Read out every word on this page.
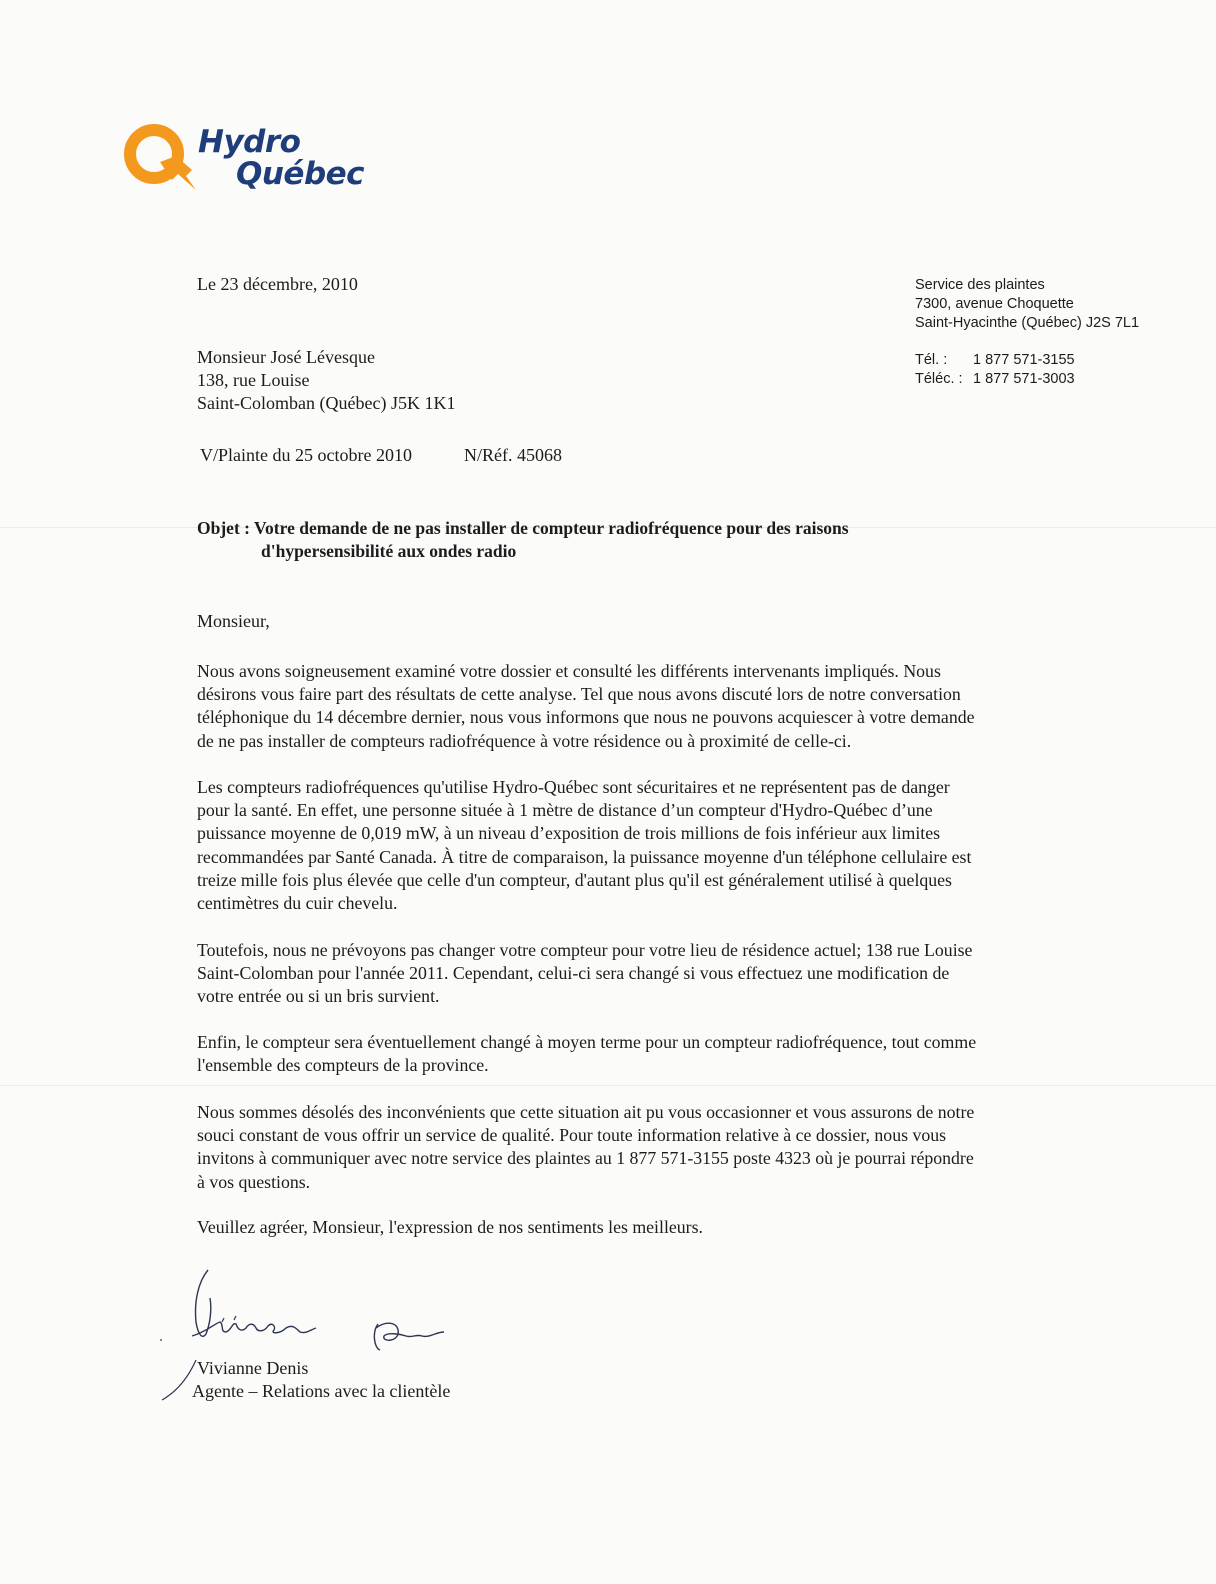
Hydro
Québec
Le 23 décembre, 2010	Service des plaintes
7300, avenue Choquette
Saint-Hyacinthe (Québec) J2S 7L1
Tél. :	1 877 571-3155
Téléc. : 1 877 571-3003
Monsieur José Lévesque
138, rue Louise
Saint-Colomban (Québec) J5K 1K1
V/Plainte du 25 octobre 2010	N/Réf. 45068
Objet : Votre demande de ne pas installer de compteur radiofréquence pour des raisons
d'hypersensibilité aux ondes radio
Monsieur,
Nous avons soigneusement examiné votre dossier et consulté les différents intervenants impliqués. Nous
désirons vous faire part des résultats de cette analyse. Tel que nous avons discuté lors de notre conversation
téléphonique du 14 décembre dernier, nous vous informons que nous ne pouvons acquiescer à votre demande
de ne pas installer de compteurs radiofréquence à votre résidence ou à proximité de celle-ci.
Les compteurs radiofréquences qu'utilise Hydro-Québec sont sécuritaires et ne représentent pas de danger
pour la santé. En effet, une personne située à 1 mètre de distance d’un compteur d'Hydro-Québec d’une
puissance moyenne de 0,019 mW, à un niveau d’exposition de trois millions de fois inférieur aux limites
recommandées par Santé Canada. À titre de comparaison, la puissance moyenne d'un téléphone cellulaire est
treize mille fois plus élevée que celle d'un compteur, d'autant plus qu'il est généralement utilisé à quelques
centimètres du cuir chevelu.
Toutefois, nous ne prévoyons pas changer votre compteur pour votre lieu de résidence actuel; 138 rue Louise
Saint-Colomban pour l'année 2011. Cependant, celui-ci sera changé si vous effectuez une modification de
votre entrée ou si un bris survient.
Enfin, le compteur sera éventuellement changé à moyen terme pour un compteur radiofréquence, tout comme
l'ensemble des compteurs de la province.
Nous sommes désolés des inconvénients que cette situation ait pu vous occasionner et vous assurons de notre
souci constant de vous offrir un service de qualité. Pour toute information relative à ce dossier, nous vous
invitons à communiquer avec notre service des plaintes au 1 877 571-3155 poste 4323 où je pourrai répondre
à vos questions.
Veuillez agréer, Monsieur, l'expression de nos sentiments les meilleurs.
Vivianne Denis
Agente – Relations avec la clientèle
